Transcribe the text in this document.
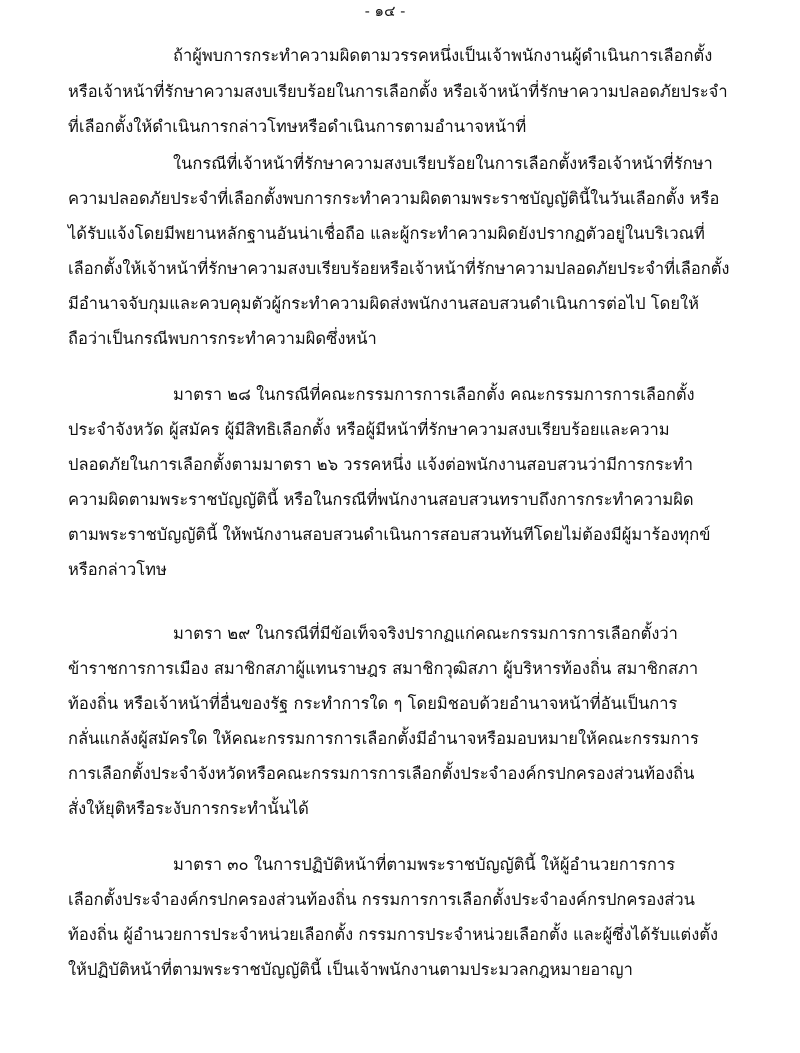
- ๑๔ -
ถ้าผู้พบการกระทำความผิดตามวรรคหนึ่งเป็นเจ้าพนักงานผู้ดำเนินการเลือกตั้ง
หรือเจ้าหน้าที่รักษาความสงบเรียบร้อยในการเลือกตั้ง หรือเจ้าหน้าที่รักษาความปลอดภัยประจำ
ที่เลือกตั้งให้ดำเนินการกล่าวโทษหรือดำเนินการตามอำนาจหน้าที่
ในกรณีที่เจ้าหน้าที่รักษาความสงบเรียบร้อยในการเลือกตั้งหรือเจ้าหน้าที่รักษา
ความปลอดภัยประจำที่เลือกตั้งพบการกระทำความผิดตามพระราชบัญญัตินี้ในวันเลือกตั้ง หรือ
ได้รับแจ้งโดยมีพยานหลักฐานอันน่าเชื่อถือ และผู้กระทำความผิดยังปรากฏตัวอยู่ในบริเวณที่
เลือกตั้งให้เจ้าหน้าที่รักษาความสงบเรียบร้อยหรือเจ้าหน้าที่รักษาความปลอดภัยประจำที่เลือกตั้ง
มีอำนาจจับกุมและควบคุมตัวผู้กระทำความผิดส่งพนักงานสอบสวนดำเนินการต่อไป โดยให้
ถือว่าเป็นกรณีพบการกระทำความผิดซึ่งหน้า
มาตรา ๒๘ ในกรณีที่คณะกรรมการการเลือกตั้ง คณะกรรมการการเลือกตั้ง
ประจำจังหวัด ผู้สมัคร ผู้มีสิทธิเลือกตั้ง หรือผู้มีหน้าที่รักษาความสงบเรียบร้อยและความ
ปลอดภัยในการเลือกตั้งตามมาตรา ๒๖ วรรคหนึ่ง แจ้งต่อพนักงานสอบสวนว่ามีการกระทำ
ความผิดตามพระราชบัญญัตินี้ หรือในกรณีที่พนักงานสอบสวนทราบถึงการกระทำความผิด
ตามพระราชบัญญัตินี้ ให้พนักงานสอบสวนดำเนินการสอบสวนทันทีโดยไม่ต้องมีผู้มาร้องทุกข์
หรือกล่าวโทษ
มาตรา ๒๙ ในกรณีที่มีข้อเท็จจริงปรากฏแก่คณะกรรมการการเลือกตั้งว่า
ข้าราชการการเมือง สมาชิกสภาผู้แทนราษฎร สมาชิกวุฒิสภา ผู้บริหารท้องถิ่น สมาชิกสภา
ท้องถิ่น หรือเจ้าหน้าที่อื่นของรัฐ กระทำการใด ๆ โดยมิชอบด้วยอำนาจหน้าที่อันเป็นการ
กลั่นแกล้งผู้สมัครใด ให้คณะกรรมการการเลือกตั้งมีอำนาจหรือมอบหมายให้คณะกรรมการ
การเลือกตั้งประจำจังหวัดหรือคณะกรรมการการเลือกตั้งประจำองค์กรปกครองส่วนท้องถิ่น
สั่งให้ยุติหรือระงับการกระทำนั้นได้
มาตรา ๓๐ ในการปฏิบัติหน้าที่ตามพระราชบัญญัตินี้ ให้ผู้อำนวยการการ
เลือกตั้งประจำองค์กรปกครองส่วนท้องถิ่น กรรมการการเลือกตั้งประจำองค์กรปกครองส่วน
ท้องถิ่น ผู้อำนวยการประจำหน่วยเลือกตั้ง กรรมการประจำหน่วยเลือกตั้ง และผู้ซึ่งได้รับแต่งตั้ง
ให้ปฏิบัติหน้าที่ตามพระราชบัญญัตินี้ เป็นเจ้าพนักงานตามประมวลกฎหมายอาญา
